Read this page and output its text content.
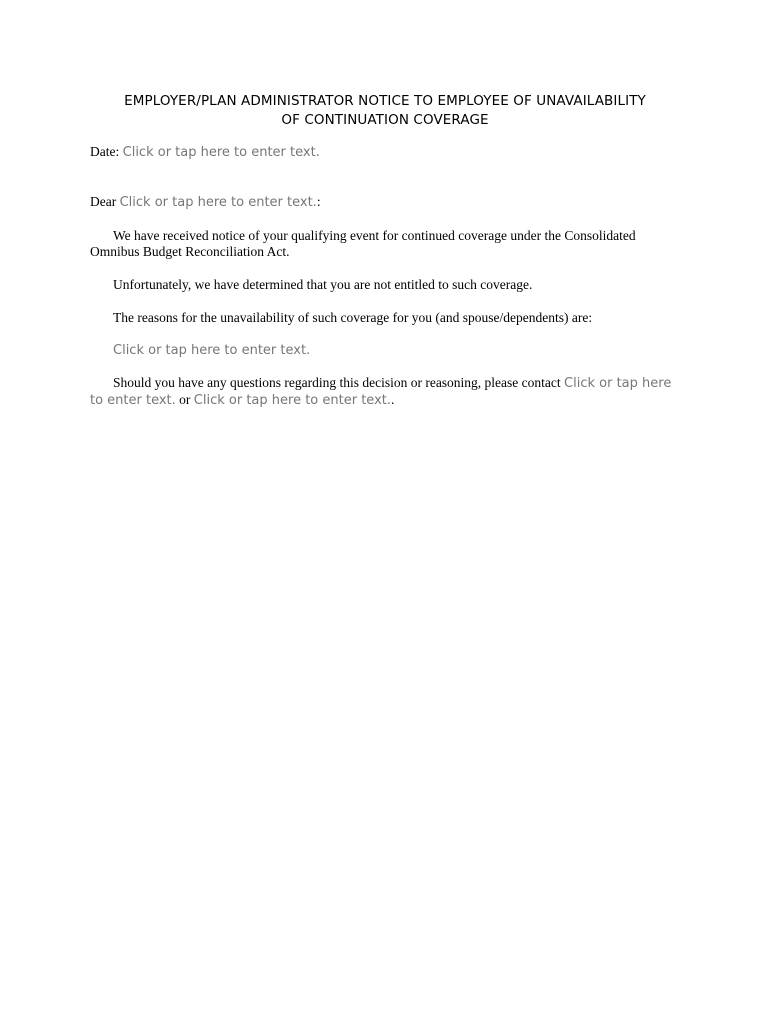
EMPLOYER/PLAN ADMINISTRATOR NOTICE TO EMPLOYEE OF UNAVAILABILITY
OF CONTINUATION COVERAGE
Date: Click or tap here to enter text.
Dear Click or tap here to enter text.:

We have received notice of your qualifying event for continued coverage under the Consolidated Omnibus Budget Reconciliation Act.

Unfortunately, we have determined that you are not entitled to such coverage.

The reasons for the unavailability of such coverage for you (and spouse/dependents) are:

Click or tap here to enter text.

Should you have any questions regarding this decision or reasoning, please contact Click or tap here to enter text. or Click or tap here to enter text..
